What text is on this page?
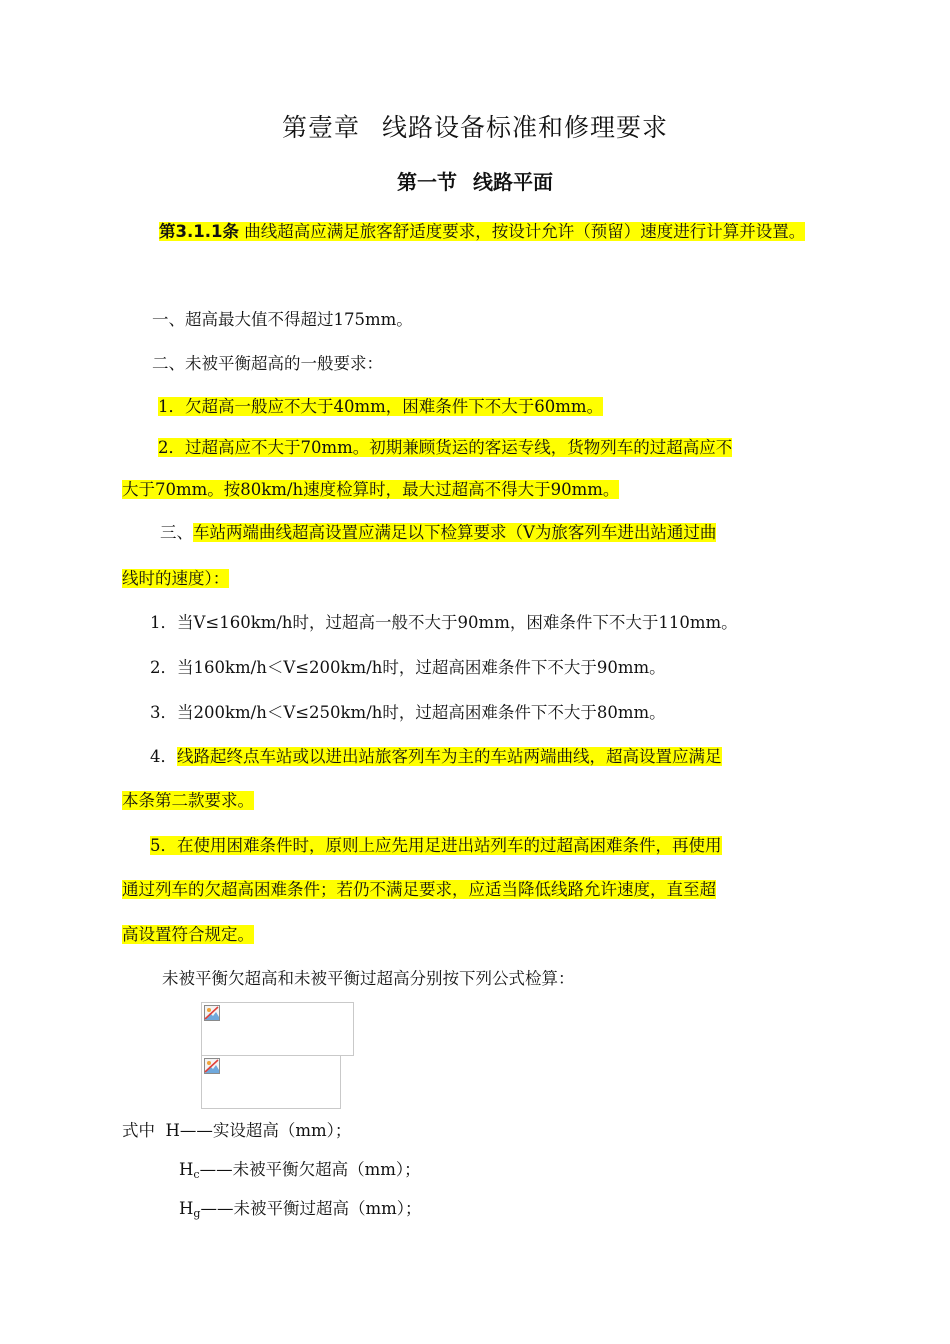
第壹章 线路设备标准和修理要求
第一节 线路平面

第3.1.1条 曲线超高应满足旅客舒适度要求，按设计允许（预留）速度进行计算并设置。

一、超高最大值不得超过175mm。

二、未被平衡超高的一般要求：

1．欠超高一般应不大于40mm，困难条件下不大于60mm。

2．过超高应不大于70mm。初期兼顾货运的客运专线，货物列车的过超高应不

大于70mm。按80km/h速度检算时，最大过超高不得大于90mm。

三、车站两端曲线超高设置应满足以下检算要求（V为旅客列车进出站通过曲

线时的速度）：

1．当V≤160km/h时，过超高一般不大于90mm，困难条件下不大于110mm。

2．当160km/h＜V≤200km/h时，过超高困难条件下不大于90mm。

3．当200km/h＜V≤250km/h时，过超高困难条件下不大于80mm。

4．线路起终点车站或以进出站旅客列车为主的车站两端曲线，超高设置应满足

本条第二款要求。

5．在使用困难条件时，原则上应先用足进出站列车的过超高困难条件，再使用

通过列车的欠超高困难条件；若仍不满足要求，应适当降低线路允许速度，直至超

高设置符合规定。

未被平衡欠超高和未被平衡过超高分别按下列公式检算：

式中 H——实设超高（mm）；

$H_c——$未被平衡欠超高（mm）；

$H_g——$未被平衡过超高（mm）；
